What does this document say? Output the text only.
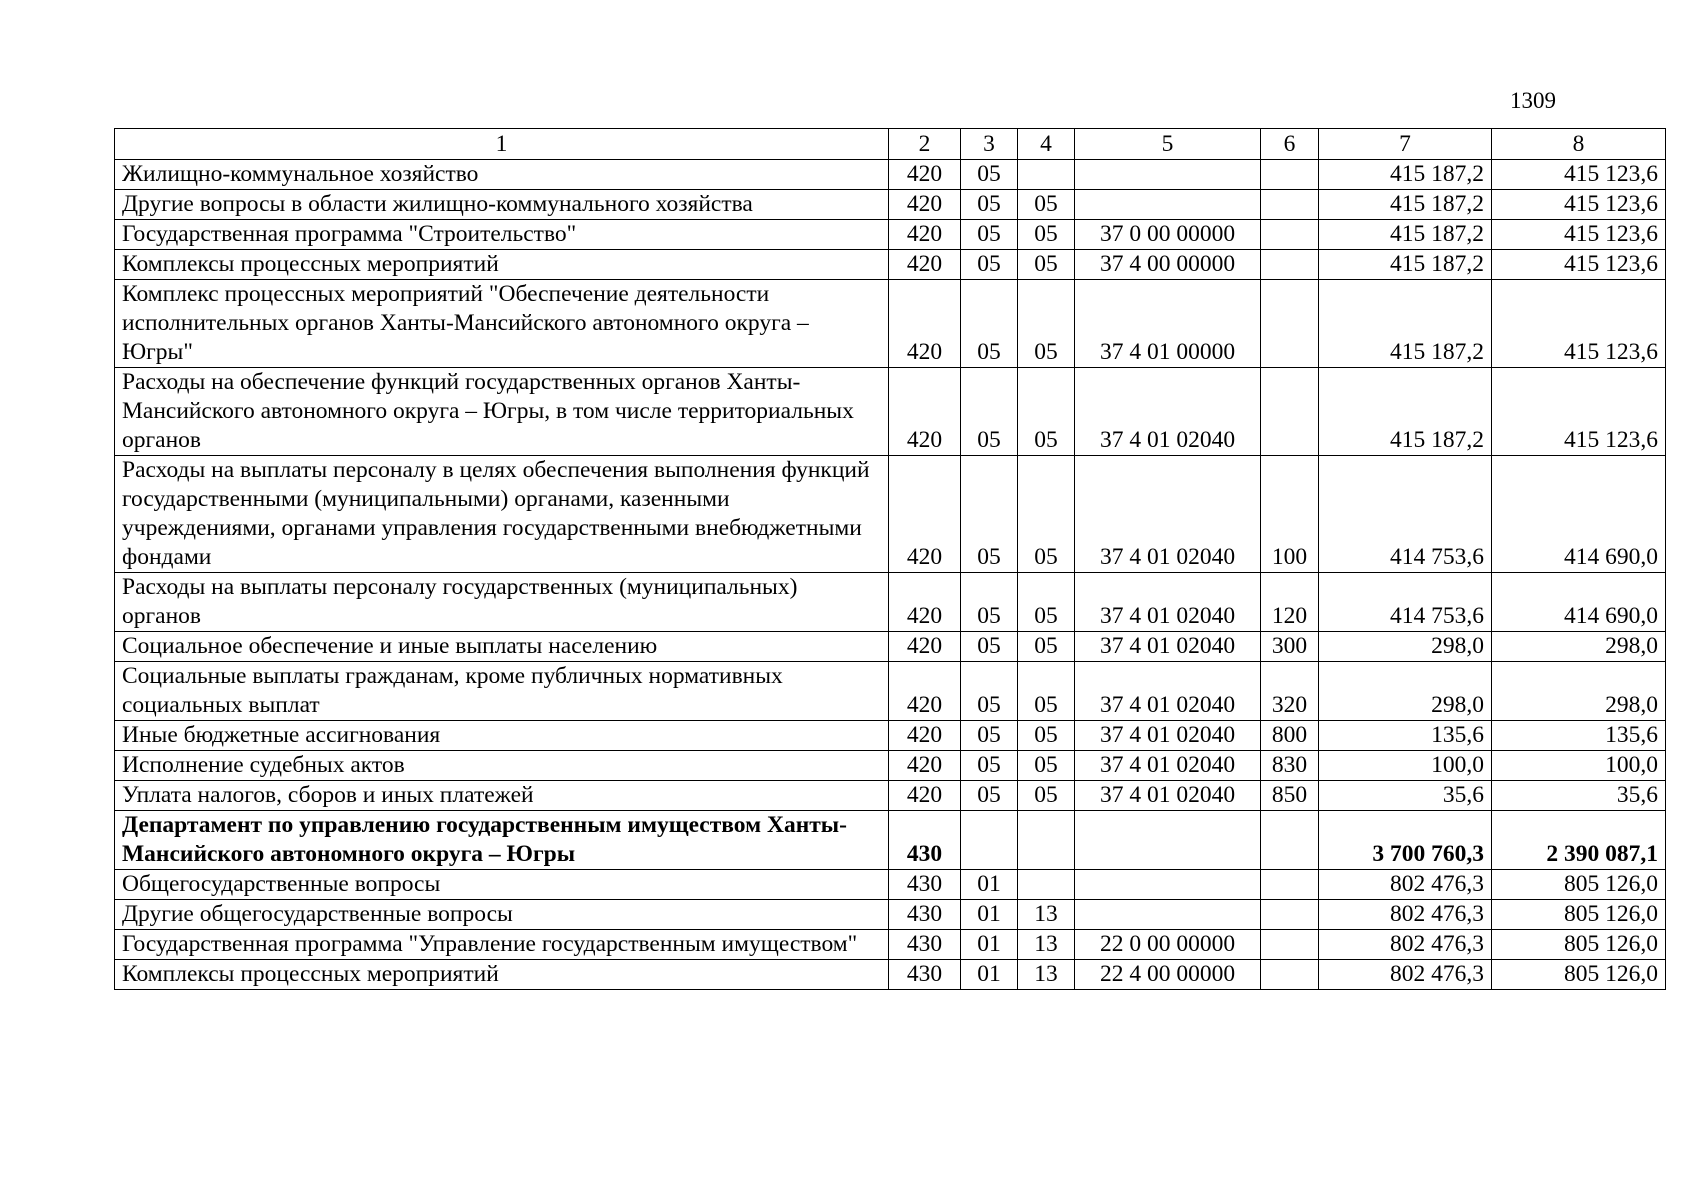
1309
1	2	3	4	5	6	7	8
Жилищно-коммунальное хозяйство	420	05				415 187,2	415 123,6
Другие вопросы в области жилищно-коммунального хозяйства	420	05	05			415 187,2	415 123,6
Государственная программа "Строительство"	420	05	05	37 0 00 00000		415 187,2	415 123,6
Комплексы процессных мероприятий	420	05	05	37 4 00 00000		415 187,2	415 123,6
Комплекс процессных мероприятий "Обеспечение деятельности исполнительных органов Ханты-Мансийского автономного округа – Югры"	420	05	05	37 4 01 00000		415 187,2	415 123,6
Расходы на обеспечение функций государственных органов Ханты-Мансийского автономного округа – Югры, в том числе территориальных органов	420	05	05	37 4 01 02040		415 187,2	415 123,6
Расходы на выплаты персоналу в целях обеспечения выполнения функций государственными (муниципальными) органами, казенными учреждениями, органами управления государственными внебюджетными фондами	420	05	05	37 4 01 02040	100	414 753,6	414 690,0
Расходы на выплаты персоналу государственных (муниципальных) органов	420	05	05	37 4 01 02040	120	414 753,6	414 690,0
Социальное обеспечение и иные выплаты населению	420	05	05	37 4 01 02040	300	298,0	298,0
Социальные выплаты гражданам, кроме публичных нормативных социальных выплат	420	05	05	37 4 01 02040	320	298,0	298,0
Иные бюджетные ассигнования	420	05	05	37 4 01 02040	800	135,6	135,6
Исполнение судебных актов	420	05	05	37 4 01 02040	830	100,0	100,0
Уплата налогов, сборов и иных платежей	420	05	05	37 4 01 02040	850	35,6	35,6
Департамент по управлению государственным имуществом Ханты-Мансийского автономного округа – Югры	430					3 700 760,3	2 390 087,1
Общегосударственные вопросы	430	01				802 476,3	805 126,0
Другие общегосударственные вопросы	430	01	13			802 476,3	805 126,0
Государственная программа "Управление государственным имуществом"	430	01	13	22 0 00 00000		802 476,3	805 126,0
Комплексы процессных мероприятий	430	01	13	22 4 00 00000		802 476,3	805 126,0
